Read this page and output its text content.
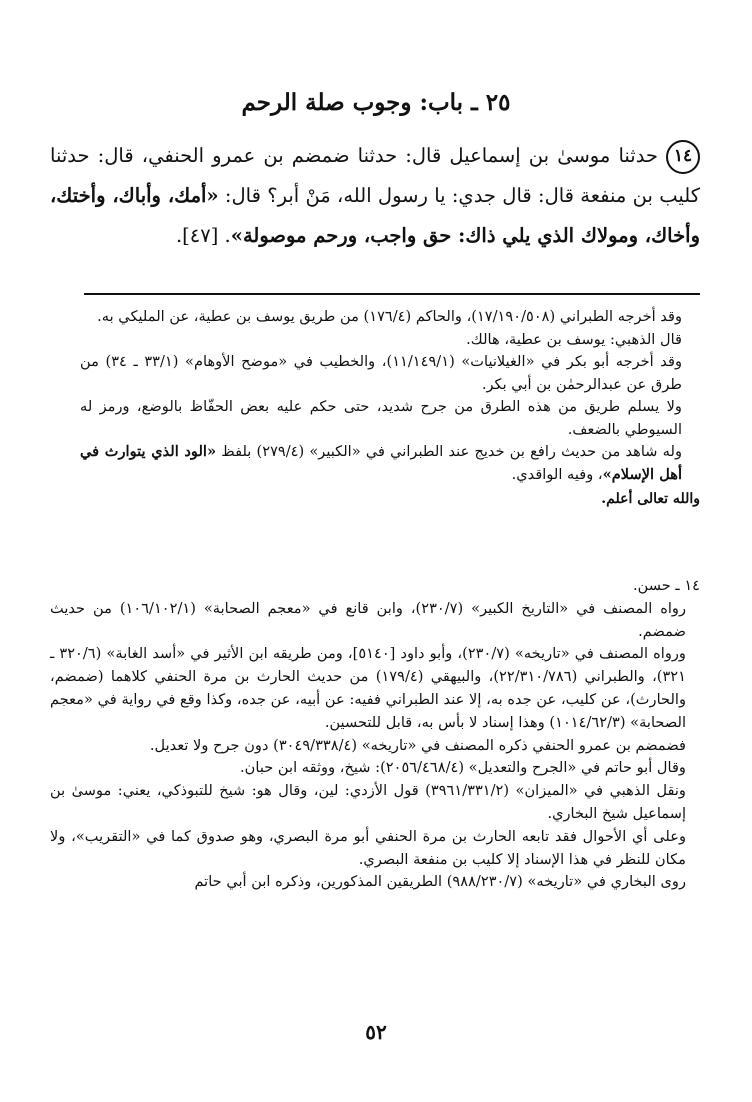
٢٥ ـ باب: وجوب صلة الرحم

١٤حدثنا موسىٰ بن إسماعيل قال: حدثنا ضمضم بن عمرو الحنفي، قال: حدثنا كليب بن منفعة قال: قال جدي: يا رسول الله، مَنْ أبر؟ قال: «أمك، وأباك، وأختك، وأخاك، ومولاك الذي يلي ذاك: حق واجب، ورحم موصولة». [٤٧].

وقد أخرجه الطبراني (١٧/١٩٠/٥٠٨)، والحاكم (١٧٦/٤) من طريق يوسف بن عطية، عن المليكي به.

قال الذهبي: يوسف بن عطية، هالك.

وقد أخرجه أبو بكر في «الغيلانيات» (١١/١٤٩/١)، والخطيب في «موضح الأوهام» (٣٣/١ ـ ٣٤) من طرق عن عبدالرحمٰن بن أبي بكر.

ولا يسلم طريق من هذه الطرق من جرح شديد، حتى حكم عليه بعض الحفّاظ بالوضع، ورمز له السيوطي بالضعف.

وله شاهد من حديث رافع بن خديج عند الطبراني في «الكبير» (٢٧٩/٤) بلفظ «الود الذي يتوارث في أهل الإسلام»، وفيه الواقدي.

والله تعالى أعلم.

١٤ ـ حسن.

رواه المصنف في «التاريخ الكبير» (٢٣٠/٧)، وابن قانع في «معجم الصحابة» (١٠٦/١٠٢/١) من حديث ضمضم.

ورواه المصنف في «تاريخه» (٢٣٠/٧)، وأبو داود [٥١٤٠]، ومن طريقه ابن الأثير في «أسد الغابة» (٣٢٠/٦ ـ ٣٢١)، والطبراني (٢٢/٣١٠/٧٨٦)، والبيهقي (١٧٩/٤) من حديث الحارث بن مرة الحنفي كلاهما (ضمضم، والحارث)، عن كليب، عن جده به، إلا عند الطبراني ففيه: عن أبيه، عن جده، وكذا وقع في رواية في «معجم الصحابة» (١٠١٤/٦٢/٣) وهذا إسناد لا بأس به، قابل للتحسين.

فضمضم بن عمرو الحنفي ذكره المصنف في «تاريخه» (٣٠٤٩/٣٣٨/٤) دون جرح ولا تعديل.

وقال أبو حاتم في «الجرح والتعديل» (٢٠٥٦/٤٦٨/٤): شيخ، ووثقه ابن حبان.

ونقل الذهبي في «الميزان» (٣٩٦١/٣٣١/٢) قول الأزدي: لين، وقال هو: شيخ للتبوذكي، يعني: موسىٰ بن إسماعيل شيخ البخاري.

وعلى أي الأحوال فقد تابعه الحارث بن مرة الحنفي أبو مرة البصري، وهو صدوق كما في «التقريب»، ولا مكان للنظر في هذا الإسناد إلا كليب بن منفعة البصري.

روى البخاري في «تاريخه» (٩٨٨/٢٣٠/٧) الطريقين المذكورين، وذكره ابن أبي حاتم

٥٢
